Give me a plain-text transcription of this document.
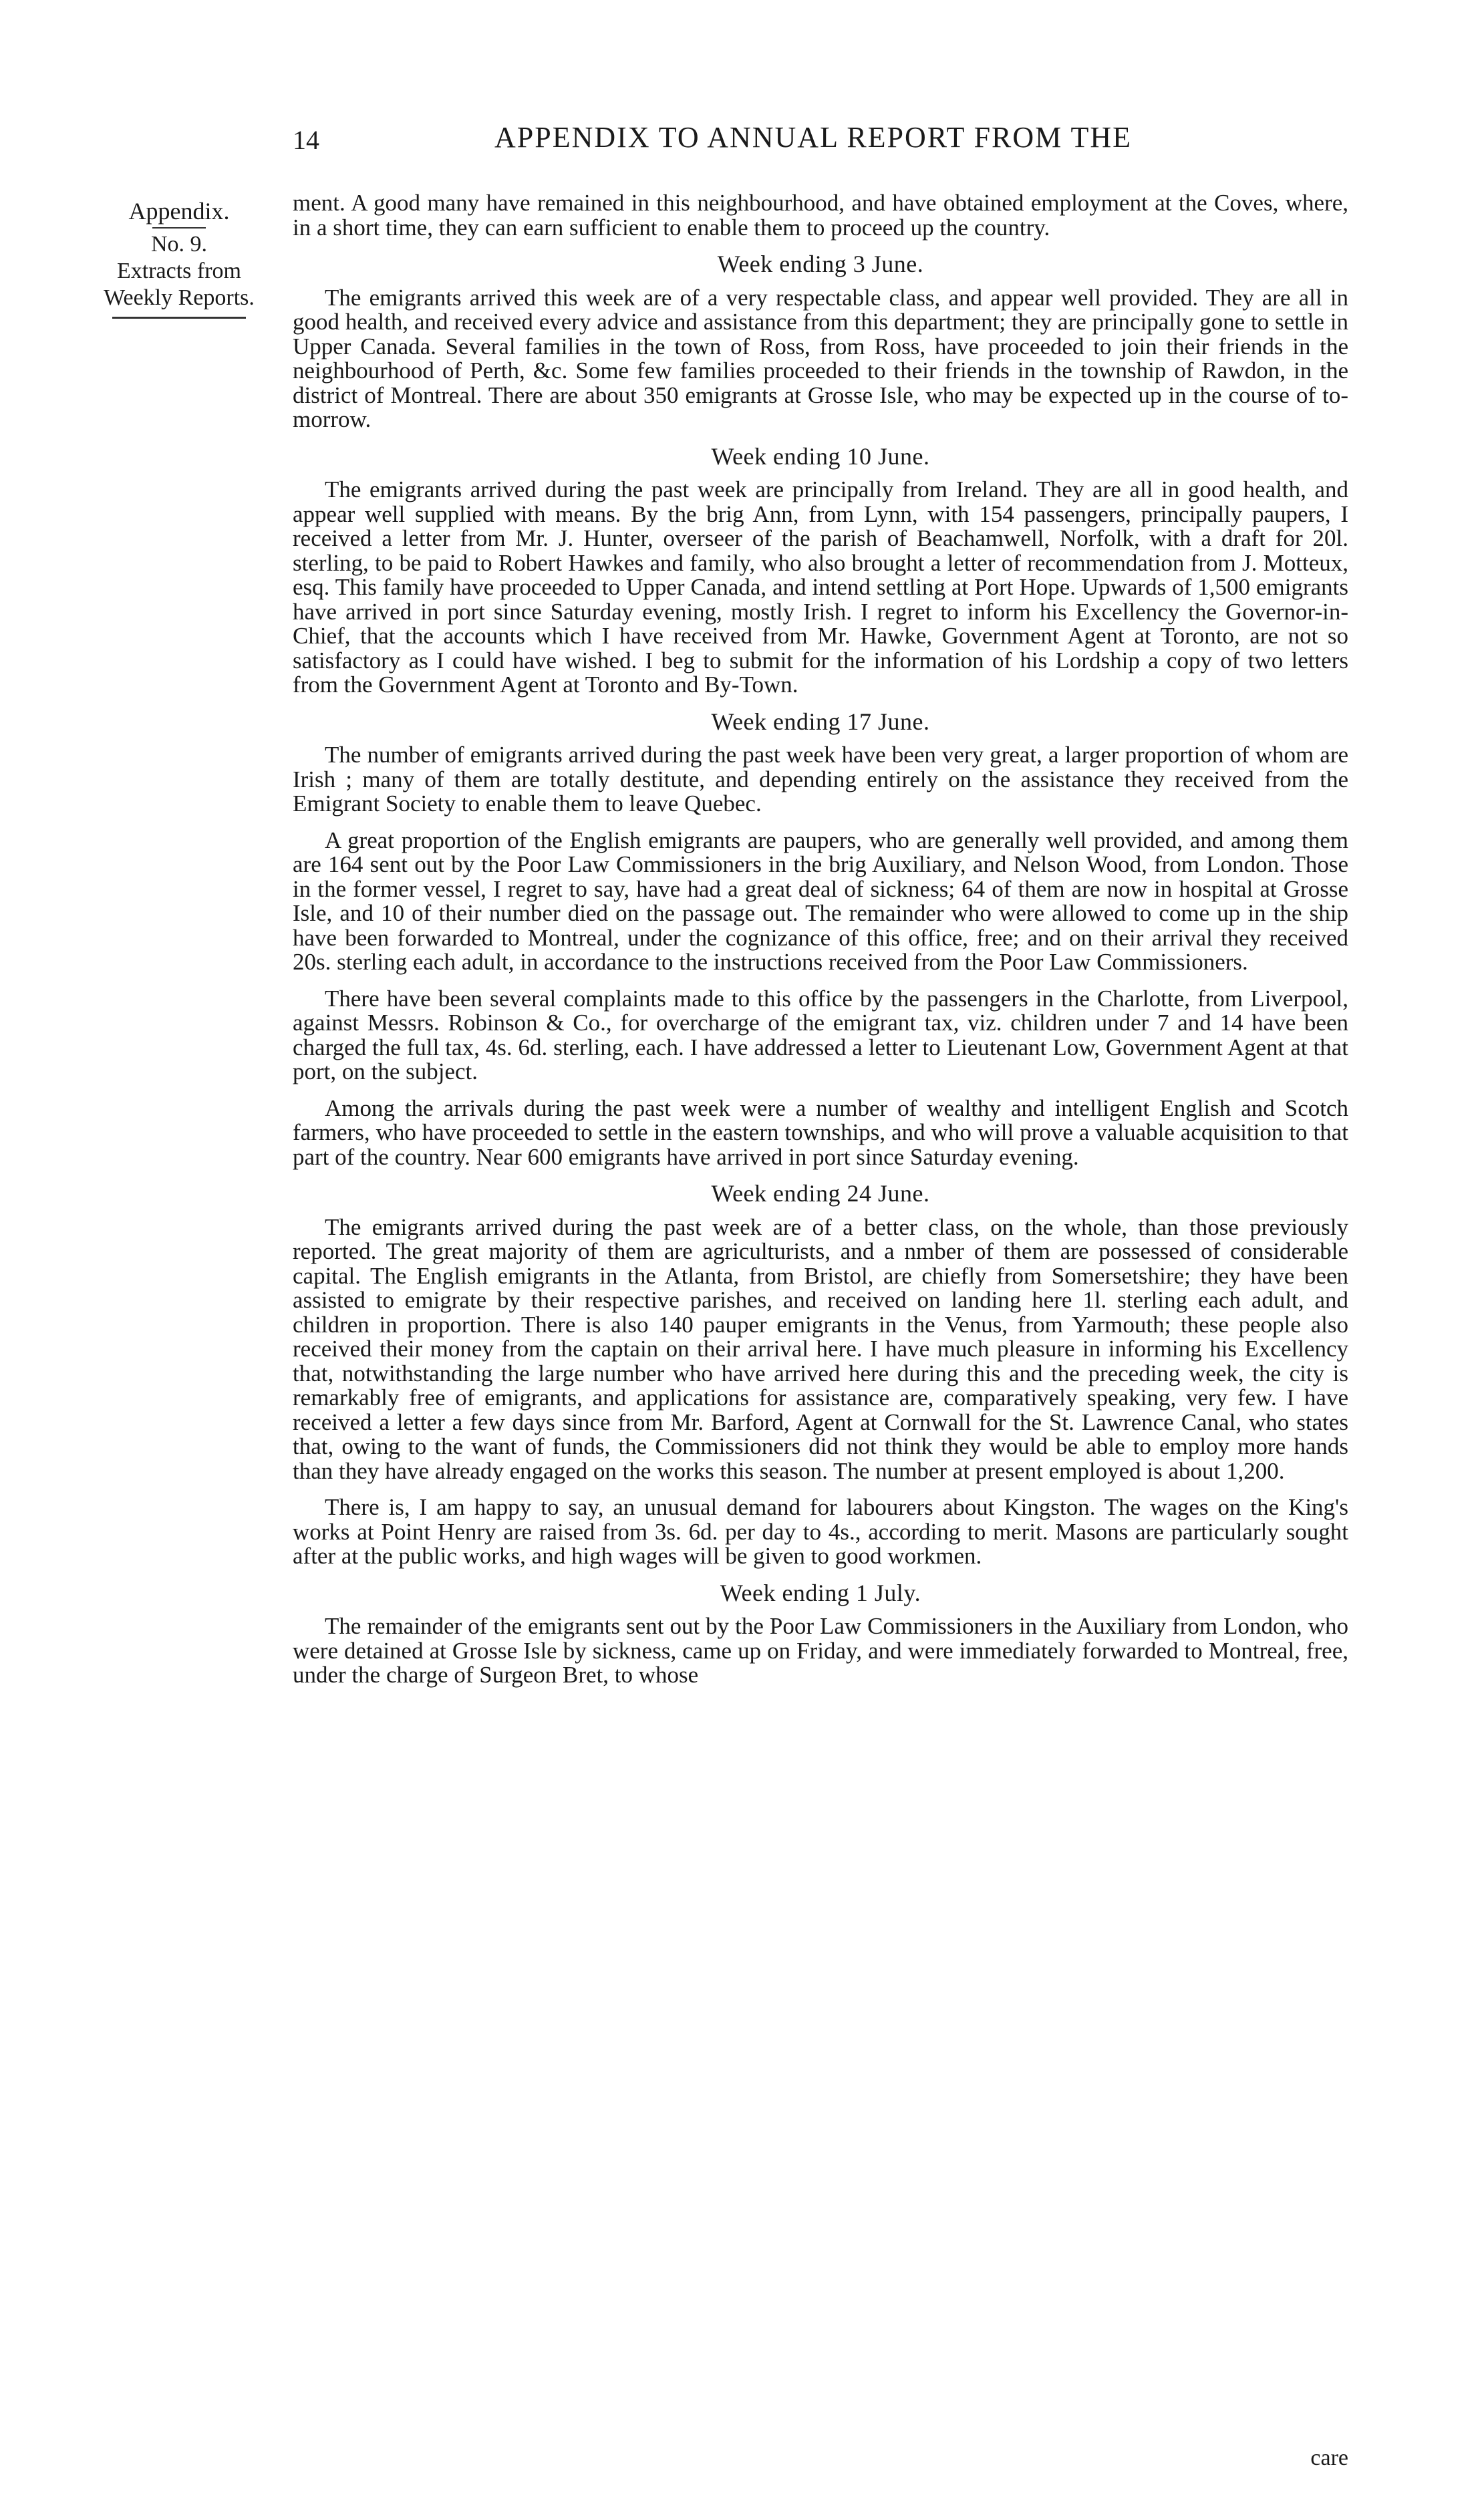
14	APPENDIX TO ANNUAL REPORT FROM THE
Appendix.
No. 9.
Extracts from
Weekly Reports.

ment. A good many have remained in this neighbourhood, and have obtained employment at the Coves, where, in a short time, they can earn sufficient to enable them to proceed up the country.

Week ending 3 June.

The emigrants arrived this week are of a very respectable class, and appear well provided. They are all in good health, and received every advice and assistance from this department; they are principally gone to settle in Upper Canada. Several families in the town of Ross, from Ross, have proceeded to join their friends in the neighbourhood of Perth, &c. Some few families proceeded to their friends in the township of Rawdon, in the district of Montreal. There are about 350 emigrants at Grosse Isle, who may be expected up in the course of to-morrow.

Week ending 10 June.

The emigrants arrived during the past week are principally from Ireland. They are all in good health, and appear well supplied with means. By the brig Ann, from Lynn, with 154 passengers, principally paupers, I received a letter from Mr. J. Hunter, overseer of the parish of Beachamwell, Norfolk, with a draft for 20l. sterling, to be paid to Robert Hawkes and family, who also brought a letter of recommendation from J. Motteux, esq. This family have proceeded to Upper Canada, and intend settling at Port Hope. Upwards of 1,500 emigrants have arrived in port since Saturday evening, mostly Irish. I regret to inform his Excellency the Governor-in-Chief, that the accounts which I have received from Mr. Hawke, Government Agent at Toronto, are not so satisfactory as I could have wished. I beg to submit for the information of his Lordship a copy of two letters from the Government Agent at Toronto and By-Town.

Week ending 17 June.

The number of emigrants arrived during the past week have been very great, a larger proportion of whom are Irish ; many of them are totally destitute, and depending entirely on the assistance they received from the Emigrant Society to enable them to leave Quebec.

A great proportion of the English emigrants are paupers, who are generally well provided, and among them are 164 sent out by the Poor Law Commissioners in the brig Auxiliary, and Nelson Wood, from London. Those in the former vessel, I regret to say, have had a great deal of sickness; 64 of them are now in hospital at Grosse Isle, and 10 of their number died on the passage out. The remainder who were allowed to come up in the ship have been forwarded to Montreal, under the cognizance of this office, free; and on their arrival they received 20s. sterling each adult, in accordance to the instructions received from the Poor Law Commissioners.

There have been several complaints made to this office by the passengers in the Charlotte, from Liverpool, against Messrs. Robinson & Co., for overcharge of the emigrant tax, viz. children under 7 and 14 have been charged the full tax, 4s. 6d. sterling, each. I have addressed a letter to Lieutenant Low, Government Agent at that port, on the subject.

Among the arrivals during the past week were a number of wealthy and intelligent English and Scotch farmers, who have proceeded to settle in the eastern townships, and who will prove a valuable acquisition to that part of the country. Near 600 emigrants have arrived in port since Saturday evening.

Week ending 24 June.

The emigrants arrived during the past week are of a better class, on the whole, than those previously reported. The great majority of them are agriculturists, and a nmber of them are possessed of considerable capital. The English emigrants in the Atlanta, from Bristol, are chiefly from Somersetshire; they have been assisted to emigrate by their respective parishes, and received on landing here 1l. sterling each adult, and children in proportion. There is also 140 pauper emigrants in the Venus, from Yarmouth; these people also received their money from the captain on their arrival here. I have much pleasure in informing his Excellency that, notwithstanding the large number who have arrived here during this and the preceding week, the city is remarkably free of emigrants, and applications for assistance are, comparatively speaking, very few. I have received a letter a few days since from Mr. Barford, Agent at Cornwall for the St. Lawrence Canal, who states that, owing to the want of funds, the Commissioners did not think they would be able to employ more hands than they have already engaged on the works this season. The number at present employed is about 1,200.

There is, I am happy to say, an unusual demand for labourers about Kingston. The wages on the King's works at Point Henry are raised from 3s. 6d. per day to 4s., according to merit. Masons are particularly sought after at the public works, and high wages will be given to good workmen.

Week ending 1 July.

The remainder of the emigrants sent out by the Poor Law Commissioners in the Auxiliary from London, who were detained at Grosse Isle by sickness, came up on Friday, and were immediately forwarded to Montreal, free, under the charge of Surgeon Bret, to whose

care
